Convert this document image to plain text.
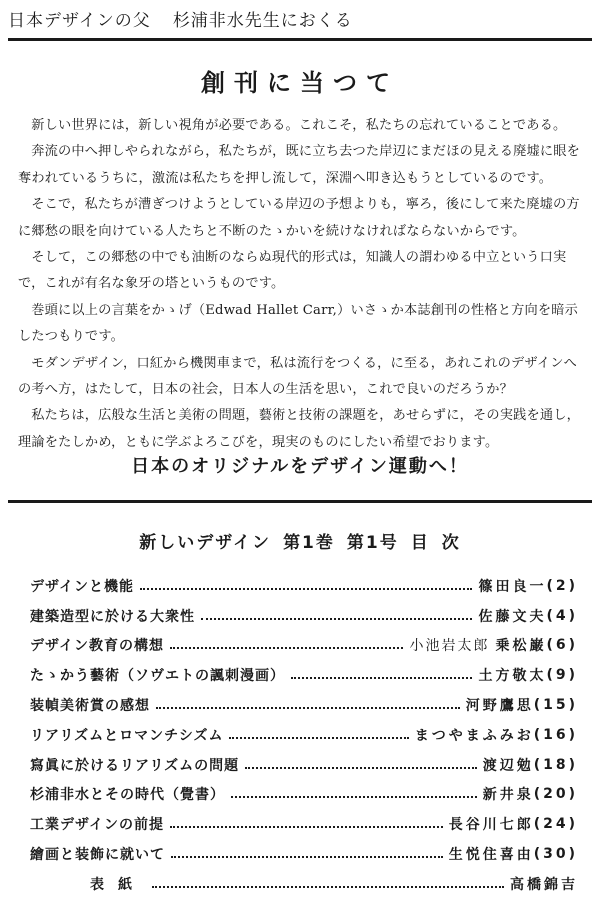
日本デザインの父 杉浦非水先生におくる
創刊に当つて

新しい世界には，新しい視角が必要である。これこそ，私たちの忘れていることである。

奔流の中へ押しやられながら，私たちが，既に立ち去つた岸辺にまだほの見える廃墟に眼を奪われているうちに，激流は私たちを押し流して，深淵へ叩き込もうとしているのです。

そこで，私たちが漕ぎつけようとしている岸辺の予想よりも，寧ろ，後にして来た廃墟の方に郷愁の眼を向けている人たちと不断のたゝかいを続けなければならないからです。

そして，この郷愁の中でも油断のならぬ現代的形式は，知識人の謂わゆる中立という口実で，これが有名な象牙の塔というものです。

巻頭に以上の言葉をかゝげ（Edwad Hallet Carr,）いさゝか本誌創刊の性格と方向を暗示したつもりです。

モダンデザイン，口紅から機関車まで，私は流行をつくる，に至る，あれこれのデザインへの考へ方，はたして，日本の社会，日本人の生活を思い，これで良いのだろうか？

私たちは，広般な生活と美術の問題，藝術と技術の課題を，あせらずに，その実践を通し，理論をたしかめ，ともに学ぶよろこびを，現実のものにしたい希望でおります。

日本のオリジナルをデザイン運動へ！
新しいデザイン 第1巻 第1号 目 次
デザインと機能	篠田良一 (2)
建築造型に於ける大衆性	佐藤文夫 (4)
デザイン教育の構想	小池岩太郎 乗松巌 (6)
たゝかう藝術（ソヴエトの諷刺漫画）	土方敬太 (9)
装幀美術賞の感想	河野鷹思 (15)
リアリズムとロマンチシズム	まつやまふみお (16)
寫眞に於けるリアリズムの問題	渡辺勉 (18)
杉浦非水とその時代（覺書）	新井泉 (20)
工業デザインの前提	長谷川七郎 (24)
繪画と装飾に就いて	生悦住喜由 (30)
表紙	高橋錦吉
